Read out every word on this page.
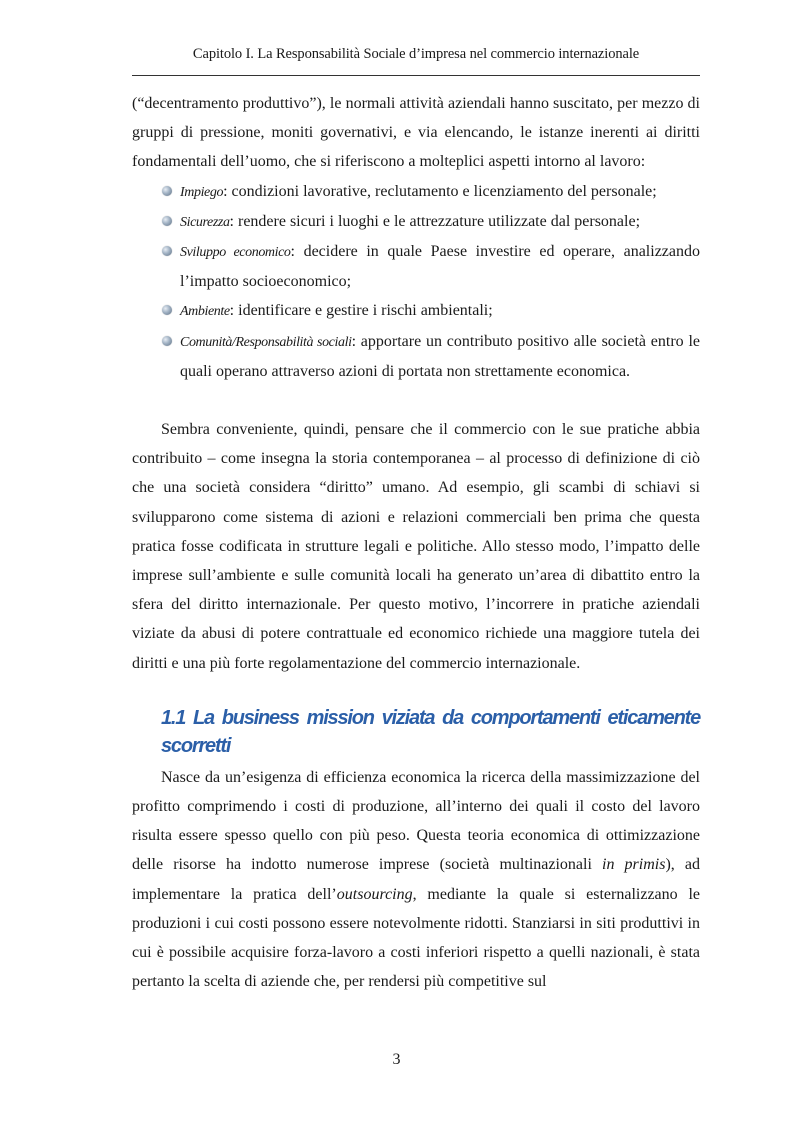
Capitolo I. La Responsabilità Sociale d’impresa nel commercio internazionale

(“decentramento produttivo”), le normali attività aziendali hanno suscitato, per mezzo di gruppi di pressione, moniti governativi, e via elencando, le istanze inerenti ai diritti fondamentali dell’uomo, che si riferiscono a molteplici aspetti intorno al lavoro:

Impiego: condizioni lavorative, reclutamento e licenziamento del personale;
Sicurezza: rendere sicuri i luoghi e le attrezzature utilizzate dal personale;
Sviluppo economico: decidere in quale Paese investire ed operare, analizzando l’impatto socioeconomico;
Ambiente: identificare e gestire i rischi ambientali;
Comunità/Responsabilità sociali: apportare un contributo positivo alle società entro le quali operano attraverso azioni di portata non strettamente economica.

Sembra conveniente, quindi, pensare che il commercio con le sue pratiche abbia contribuito – come insegna la storia contemporanea – al processo di definizione di ciò che una società considera “diritto” umano. Ad esempio, gli scambi di schiavi si svilupparono come sistema di azioni e relazioni commerciali ben prima che questa pratica fosse codificata in strutture legali e politiche. Allo stesso modo, l’impatto delle imprese sull’ambiente e sulle comunità locali ha generato un’area di dibattito entro la sfera del diritto internazionale. Per questo motivo, l’incorrere in pratiche aziendali viziate da abusi di potere contrattuale ed economico richiede una maggiore tutela dei diritti e una più forte regolamentazione del commercio internazionale.

1.1 La business mission viziata da comportamenti eticamente scorretti

Nasce da un’esigenza di efficienza economica la ricerca della massimizzazione del profitto comprimendo i costi di produzione, all’interno dei quali il costo del lavoro risulta essere spesso quello con più peso. Questa teoria economica di ottimizzazione delle risorse ha indotto numerose imprese (società multinazionali in primis), ad implementare la pratica dell’outsourcing, mediante la quale si esternalizzano le produzioni i cui costi possono essere notevolmente ridotti. Stanziarsi in siti produttivi in cui è possibile acquisire forza-lavoro a costi inferiori rispetto a quelli nazionali, è stata pertanto la scelta di aziende che, per rendersi più competitive sul

3
